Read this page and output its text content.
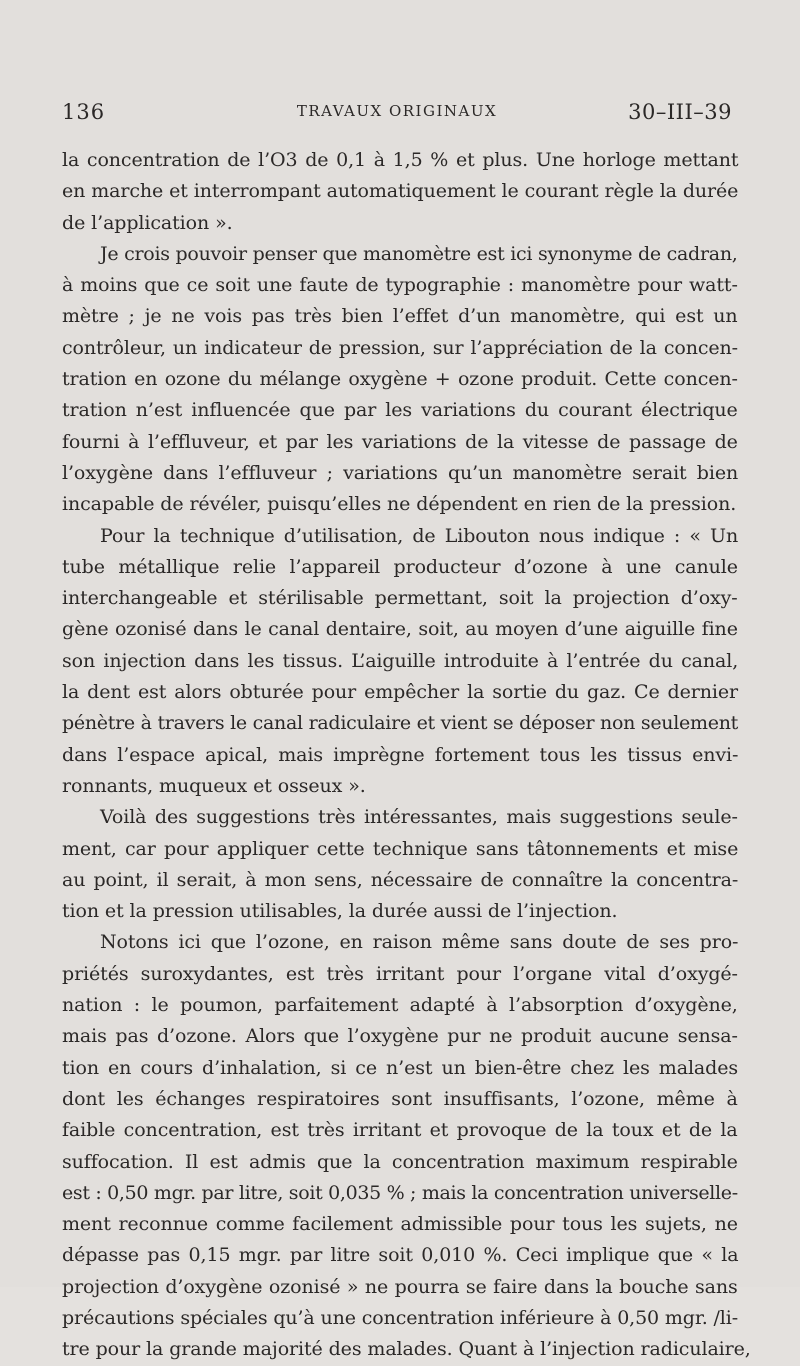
136	TRAVAUX ORIGINAUX	30–III–39
la concentration de l’O3 de 0,1 à 1,5 % et plus. Une horloge mettant
en marche et interrompant automatiquement le courant règle la durée
de l’application ».
Je crois pouvoir penser que manomètre est ici synonyme de cadran,
à moins que ce soit une faute de typographie : manomètre pour watt-
mètre ; je ne vois pas très bien l’effet d’un manomètre, qui est un
contrôleur, un indicateur de pression, sur l’appréciation de la concen-
tration en ozone du mélange oxygène + ozone produit. Cette concen-
tration n’est influencée que par les variations du courant électrique
fourni à l’effluveur, et par les variations de la vitesse de passage de
l’oxygène dans l’effluveur ; variations qu’un manomètre serait bien
incapable de révéler, puisqu’elles ne dépendent en rien de la pression.
Pour la technique d’utilisation, de Libouton nous indique : « Un
tube métallique relie l’appareil producteur d’ozone à une canule
interchangeable et stérilisable permettant, soit la projection d’oxy-
gène ozonisé dans le canal dentaire, soit, au moyen d’une aiguille fine
son injection dans les tissus. L’aiguille introduite à l’entrée du canal,
la dent est alors obturée pour empêcher la sortie du gaz. Ce dernier
pénètre à travers le canal radiculaire et vient se déposer non seulement
dans l’espace apical, mais imprègne fortement tous les tissus envi-
ronnants, muqueux et osseux ».
Voilà des suggestions très intéressantes, mais suggestions seule-
ment, car pour appliquer cette technique sans tâtonnements et mise
au point, il serait, à mon sens, nécessaire de connaître la concentra-
tion et la pression utilisables, la durée aussi de l’injection.
Notons ici que l’ozone, en raison même sans doute de ses pro-
priétés suroxydantes, est très irritant pour l’organe vital d’oxygé-
nation : le poumon, parfaitement adapté à l’absorption d’oxygène,
mais pas d’ozone. Alors que l’oxygène pur ne produit aucune sensa-
tion en cours d’inhalation, si ce n’est un bien-être chez les malades
dont les échanges respiratoires sont insuffisants, l’ozone, même à
faible concentration, est très irritant et provoque de la toux et de la
suffocation. Il est admis que la concentration maximum respirable
est : 0,50 mgr. par litre, soit 0,035 % ; mais la concentration universelle-
ment reconnue comme facilement admissible pour tous les sujets, ne
dépasse pas 0,15 mgr. par litre soit 0,010 %. Ceci implique que « la
projection d’oxygène ozonisé » ne pourra se faire dans la bouche sans
précautions spéciales qu’à une concentration inférieure à 0,50 mgr. /li-
tre pour la grande majorité des malades. Quant à l’injection radiculaire,
